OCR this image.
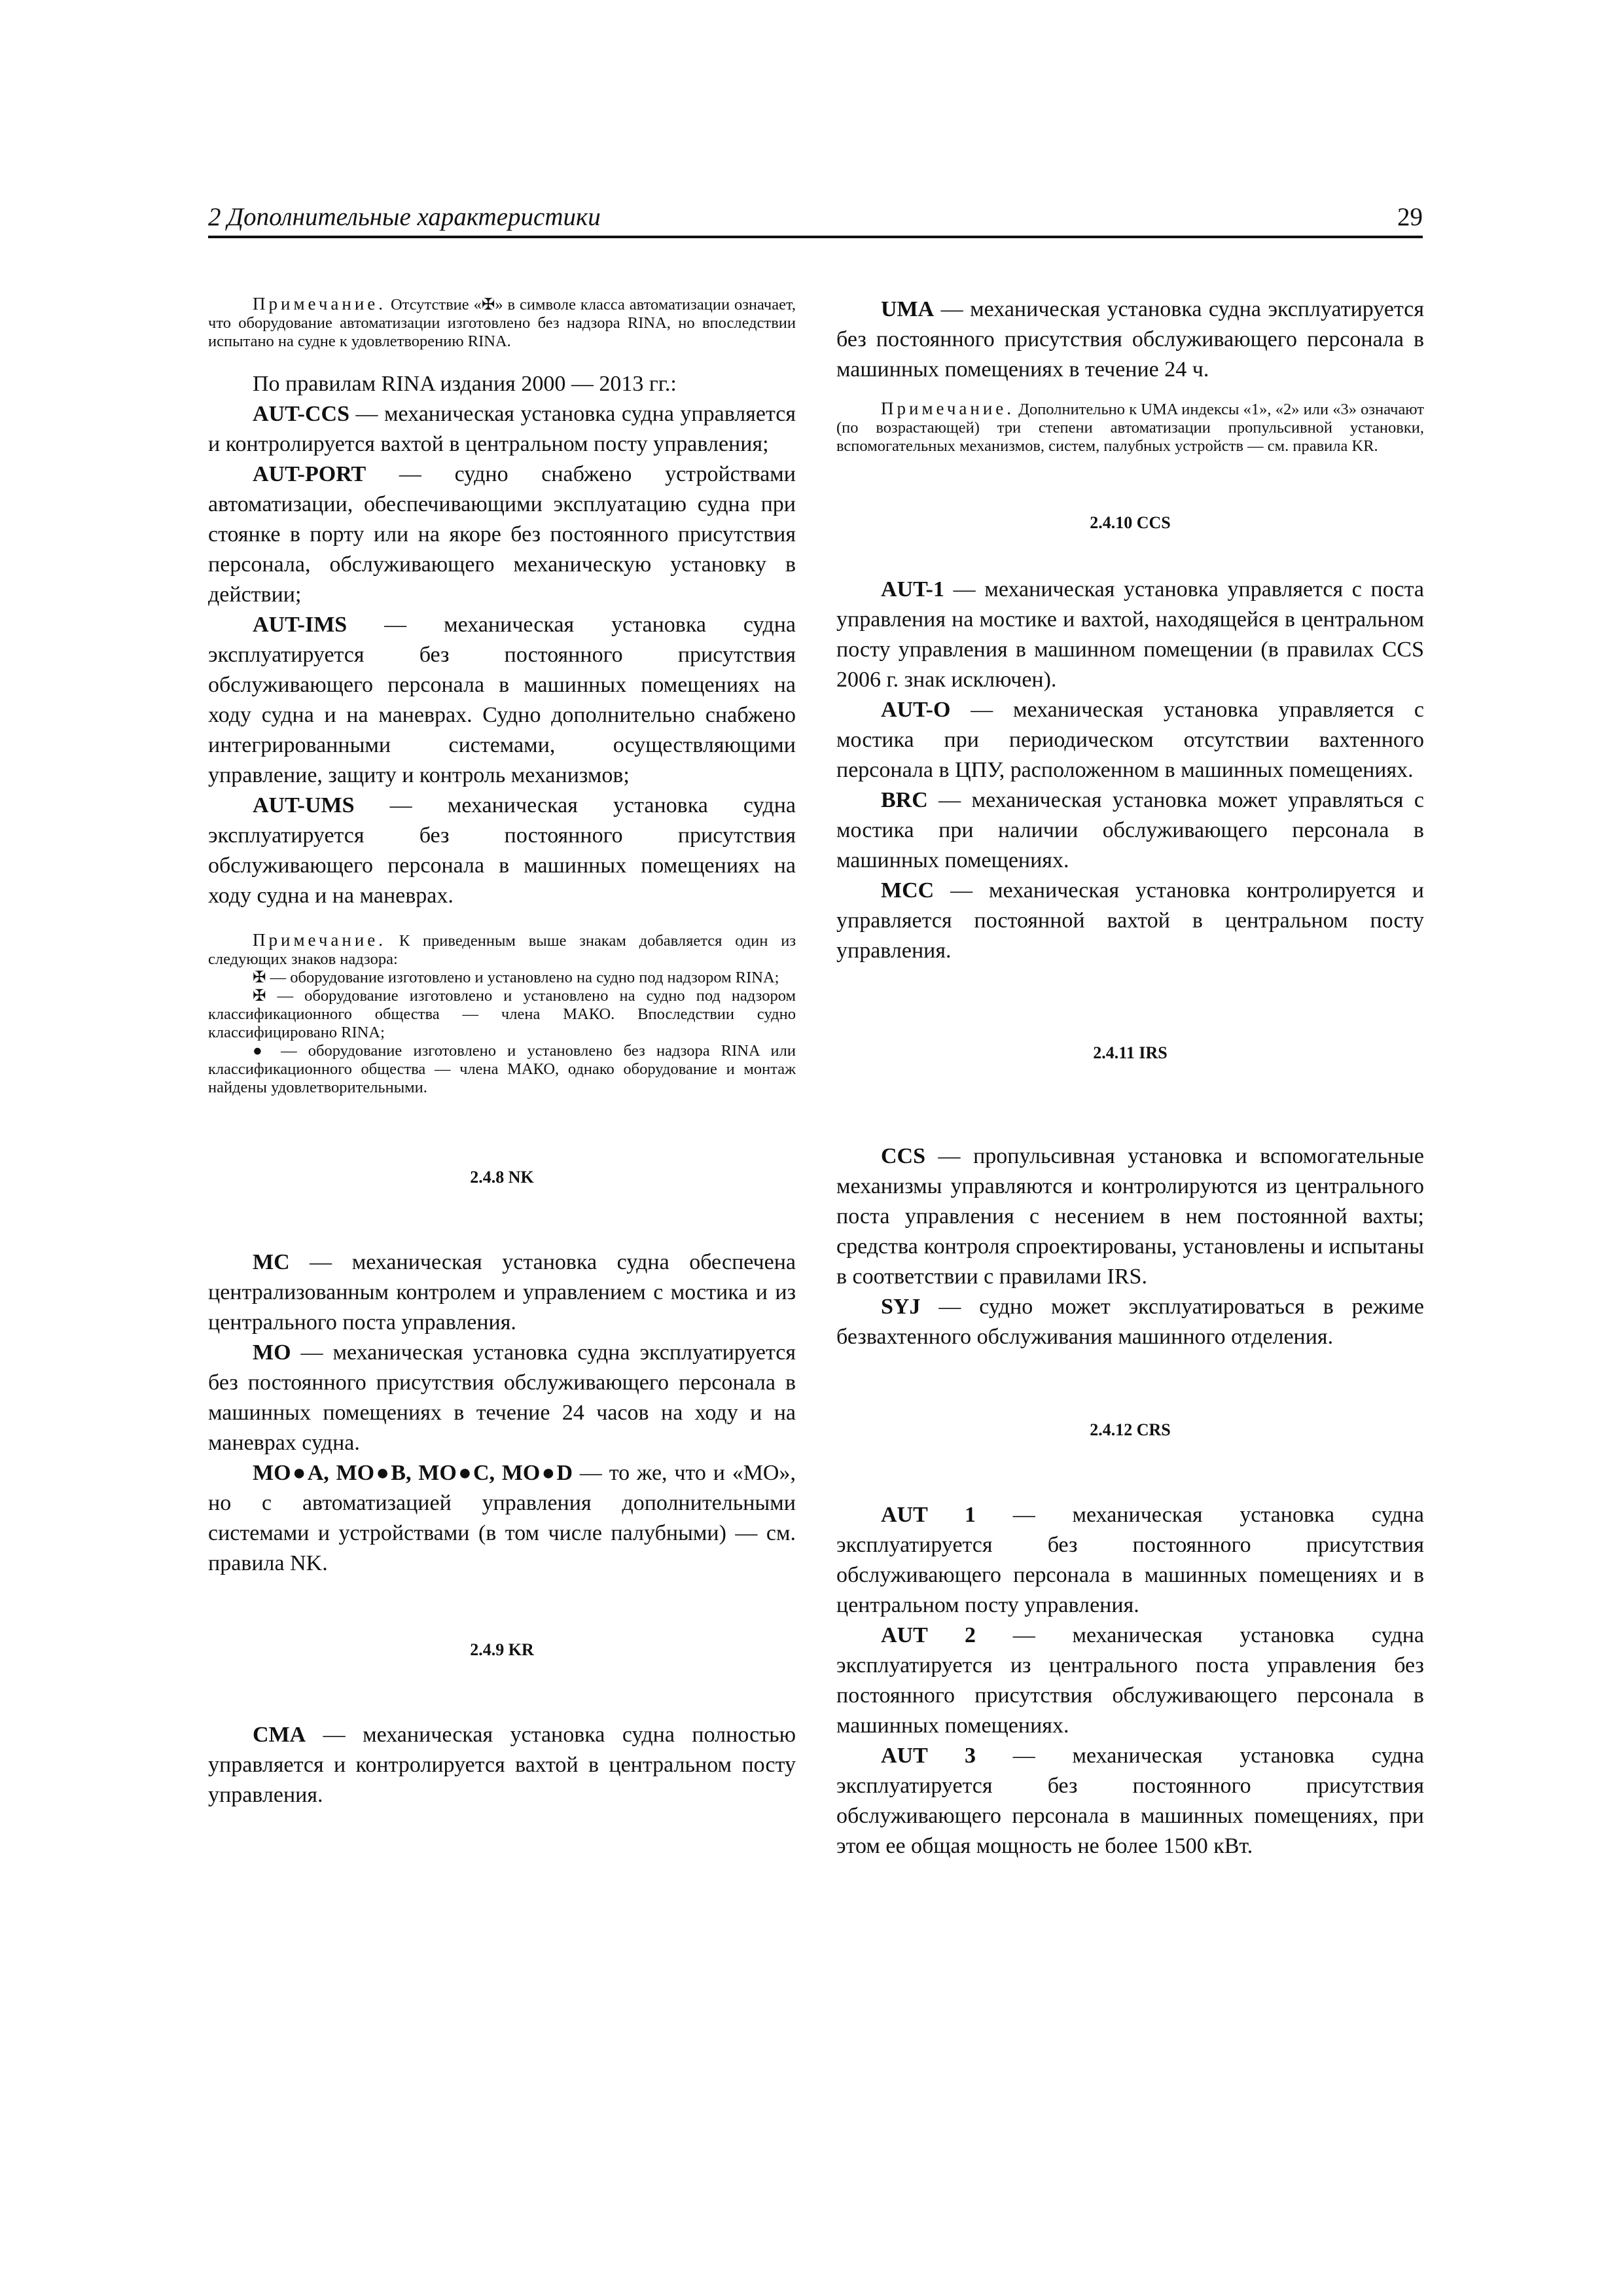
2 Дополнительные характеристики	29

Примечание. Отсутствие «✠» в символе класса автоматизации означает, что оборудование автоматизации изготовлено без надзора RINA, но впоследствии испытано на судне к удовлетворению RINA.

По правилам RINA издания 2000 — 2013 гг.:

AUT-CCS — механическая установка судна управляется и контролируется вахтой в центральном посту управления;

AUT-PORT — судно снабжено устройствами автоматизации, обеспечивающими эксплуатацию судна при стоянке в порту или на якоре без постоянного присутствия персонала, обслуживающего механическую установку в действии;

AUT-IMS — механическая установка судна эксплуатируется без постоянного присутствия обслуживающего персонала в машинных помещениях на ходу судна и на маневрах. Судно дополнительно снабжено интегрированными системами, осуществляющими управление, защиту и контроль механизмов;

AUT-UMS — механическая установка судна эксплуатируется без постоянного присутствия обслуживающего персонала в машинных помещениях на ходу судна и на маневрах.

Примечание. К приведенным выше знакам добавляется один из следующих знаков надзора:

✠ — оборудование изготовлено и установлено на судно под надзором RINA;

✠ — оборудование изготовлено и установлено на судно под надзором классификационного общества — члена МАКО. Впоследствии судно классифицировано RINA;

● — оборудование изготовлено и установлено без надзора RINA или классификационного общества — члена МАКО, однако оборудование и монтаж найдены удовлетворительными.

2.4.8 NK

MC — механическая установка судна обеспечена централизованным контролем и управлением с мостика и из центрального поста управления.

MO — механическая установка судна эксплуатируется без постоянного присутствия обслуживающего персонала в машинных помещениях в течение 24 часов на ходу и на маневрах судна.

MO●A, MO●B, MO●C, MO●D — то же, что и «MO», но с автоматизацией управления дополнительными системами и устройствами (в том числе палубными) — см. правила NK.

2.4.9 KR

CMA — механическая установка судна полностью управляется и контролируется вахтой в центральном посту управления.

UMA — механическая установка судна эксплуатируется без постоянного присутствия обслуживающего персонала в машинных помещениях в течение 24 ч.

Примечание. Дополнительно к UMA индексы «1», «2» или «3» означают (по возрастающей) три степени автоматизации пропульсивной установки, вспомогательных механизмов, систем, палубных устройств — см. правила KR.

2.4.10 CCS

AUT-1 — механическая установка управляется с поста управления на мостике и вахтой, находящейся в центральном посту управления в машинном помещении (в правилах CCS 2006 г. знак исключен).

AUT-O — механическая установка управляется с мостика при периодическом отсутствии вахтенного персонала в ЦПУ, расположенном в машинных помещениях.

BRC — механическая установка может управляться с мостика при наличии обслуживающего персонала в машинных помещениях.

MCC — механическая установка контролируется и управляется постоянной вахтой в центральном посту управления.

2.4.11 IRS

CCS — пропульсивная установка и вспомогательные механизмы управляются и контролируются из центрального поста управления с несением в нем постоянной вахты; средства контроля спроектированы, установлены и испытаны в соответствии с правилами IRS.

SYJ — судно может эксплуатироваться в режиме безвахтенного обслуживания машинного отделения.

2.4.12 CRS

AUT 1 — механическая установка судна эксплуатируется без постоянного присутствия обслуживающего персонала в машинных помещениях и в центральном посту управления.

AUT 2 — механическая установка судна эксплуатируется из центрального поста управления без постоянного присутствия обслуживающего персонала в машинных помещениях.

AUT 3 — механическая установка судна эксплуатируется без постоянного присутствия обслуживающего персонала в машинных помещениях, при этом ее общая мощность не более 1500 кВт.
